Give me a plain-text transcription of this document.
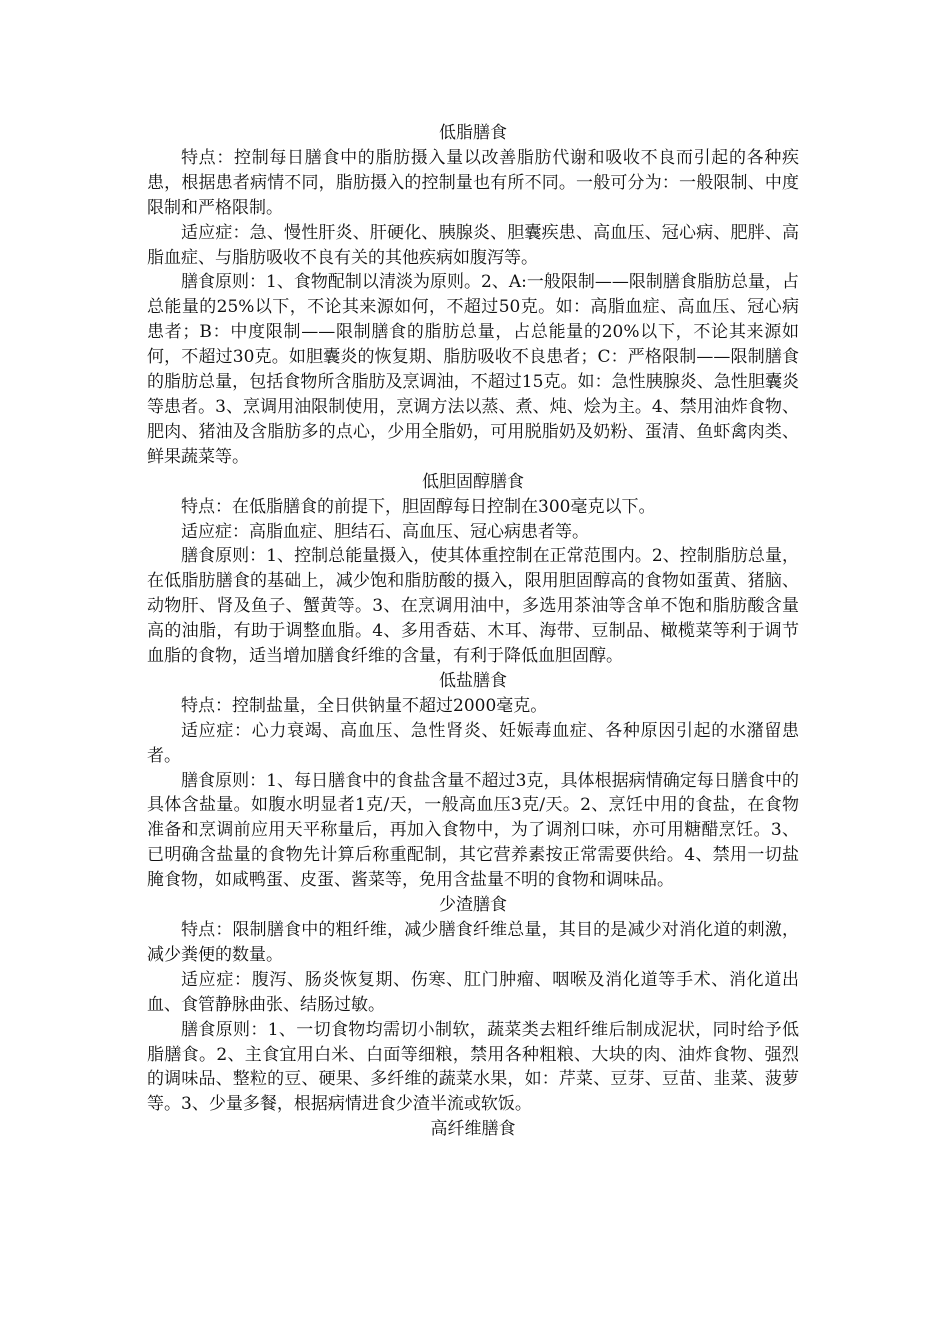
低脂膳食

特点：控制每日膳食中的脂肪摄入量以改善脂肪代谢和吸收不良而引起的各种疾患，根据患者病情不同，脂肪摄入的控制量也有所不同。一般可分为：一般限制、中度限制和严格限制。

适应症：急、慢性肝炎、肝硬化、胰腺炎、胆囊疾患、高血压、冠心病、肥胖、高脂血症、与脂肪吸收不良有关的其他疾病如腹泻等。

膳食原则：1、食物配制以清淡为原则。2、A:一般限制——限制膳食脂肪总量，占总能量的25%以下，不论其来源如何，不超过50克。如：高脂血症、高血压、冠心病患者；B：中度限制——限制膳食的脂肪总量，占总能量的20%以下，不论其来源如何，不超过30克。如胆囊炎的恢复期、脂肪吸收不良患者；C：严格限制——限制膳食的脂肪总量，包括食物所含脂肪及烹调油，不超过15克。如：急性胰腺炎、急性胆囊炎等患者。3、烹调用油限制使用，烹调方法以蒸、煮、炖、烩为主。4、禁用油炸食物、肥肉、猪油及含脂肪多的点心，少用全脂奶，可用脱脂奶及奶粉、蛋清、鱼虾禽肉类、鲜果蔬菜等。

低胆固醇膳食

特点：在低脂膳食的前提下，胆固醇每日控制在300毫克以下。

适应症：高脂血症、胆结石、高血压、冠心病患者等。

膳食原则：1、控制总能量摄入，使其体重控制在正常范围内。2、控制脂肪总量，在低脂肪膳食的基础上，减少饱和脂肪酸的摄入，限用胆固醇高的食物如蛋黄、猪脑、动物肝、肾及鱼子、蟹黄等。3、在烹调用油中，多选用茶油等含单不饱和脂肪酸含量高的油脂，有助于调整血脂。4、多用香菇、木耳、海带、豆制品、橄榄菜等利于调节血脂的食物，适当增加膳食纤维的含量，有利于降低血胆固醇。

低盐膳食

特点：控制盐量，全日供钠量不超过2000毫克。

适应症：心力衰竭、高血压、急性肾炎、妊娠毒血症、各种原因引起的水潴留患者。

膳食原则：1、每日膳食中的食盐含量不超过3克，具体根据病情确定每日膳食中的具体含盐量。如腹水明显者1克/天，一般高血压3克/天。2、烹饪中用的食盐，在食物准备和烹调前应用天平称量后，再加入食物中，为了调剂口味，亦可用糖醋烹饪。3、已明确含盐量的食物先计算后称重配制，其它营养素按正常需要供给。4、禁用一切盐腌食物，如咸鸭蛋、皮蛋、酱菜等，免用含盐量不明的食物和调味品。

少渣膳食

特点：限制膳食中的粗纤维，减少膳食纤维总量，其目的是减少对消化道的刺激，减少粪便的数量。

适应症：腹泻、肠炎恢复期、伤寒、肛门肿瘤、咽喉及消化道等手术、消化道出血、食管静脉曲张、结肠过敏。

膳食原则：1、一切食物均需切小制软，蔬菜类去粗纤维后制成泥状，同时给予低脂膳食。2、主食宜用白米、白面等细粮，禁用各种粗粮、大块的肉、油炸食物、强烈的调味品、整粒的豆、硬果、多纤维的蔬菜水果，如：芹菜、豆芽、豆苗、韭菜、菠萝等。3、少量多餐，根据病情进食少渣半流或软饭。

高纤维膳食
